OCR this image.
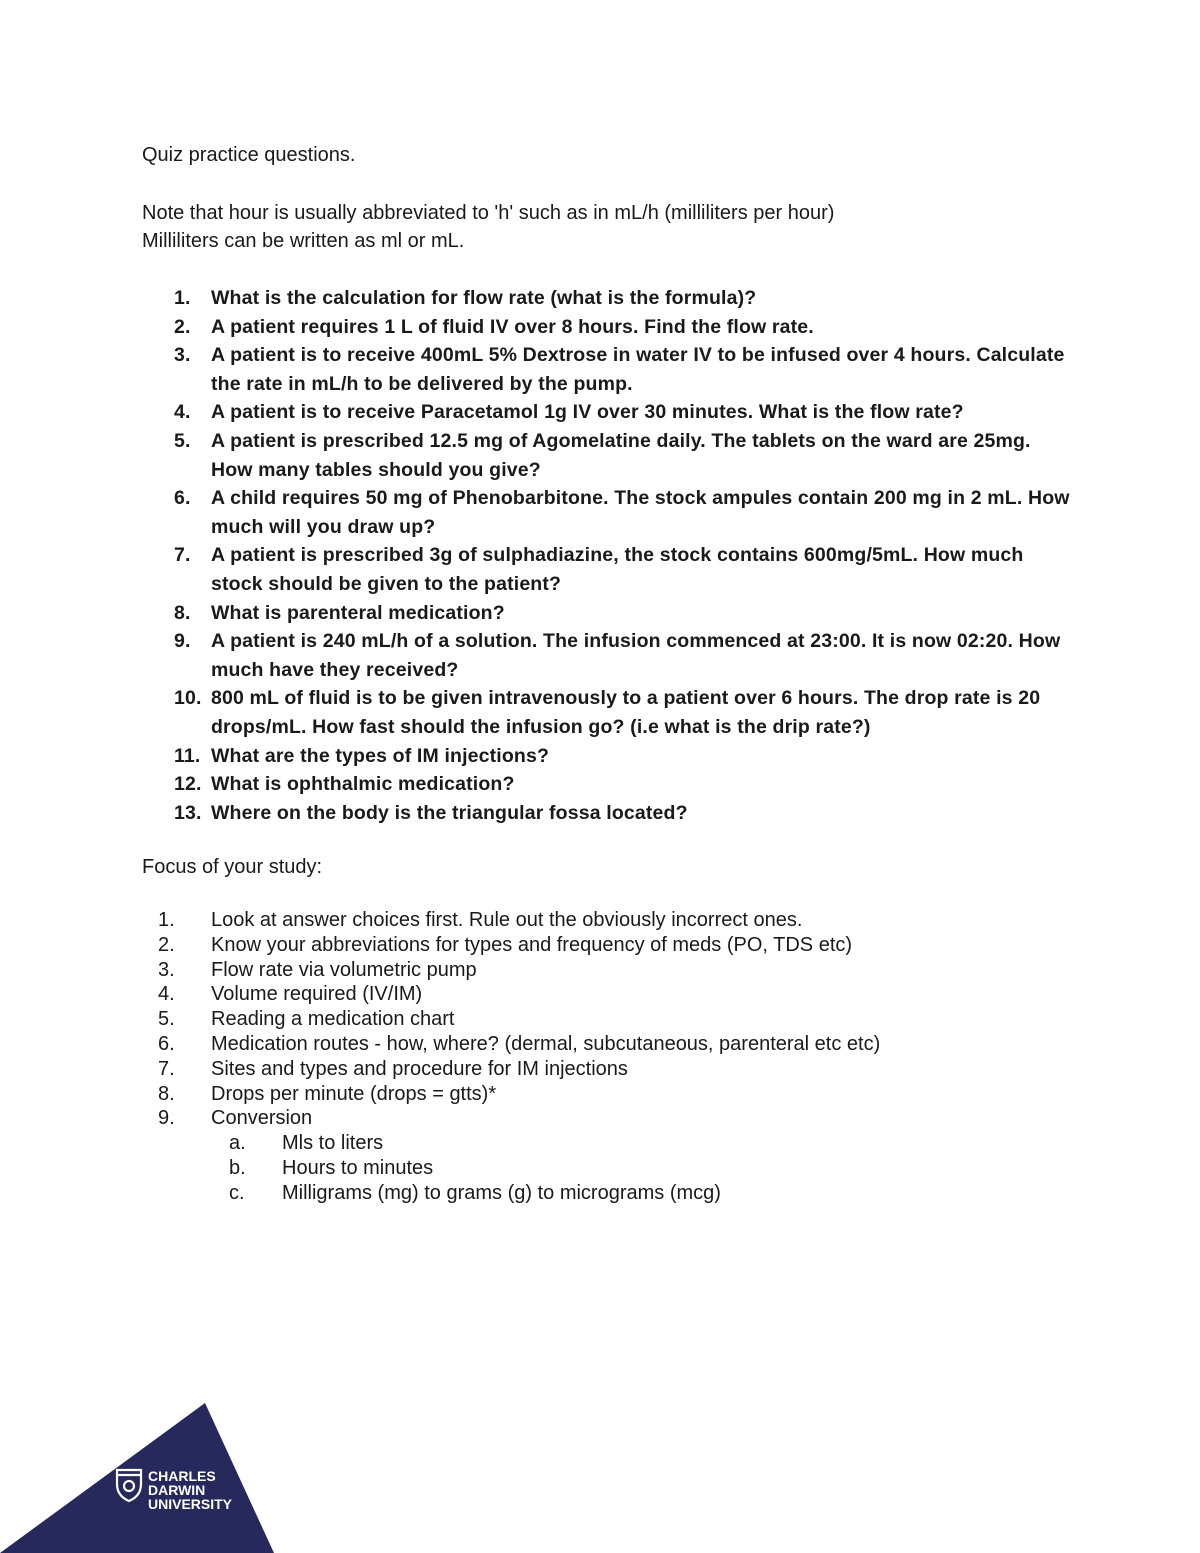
Quiz practice questions.
Note that hour is usually abbreviated to 'h' such as in mL/h (milliliters per hour)
Milliliters can be written as ml or mL.
1. What is the calculation for flow rate (what is the formula)?
2. A patient requires 1 L of fluid IV over 8 hours. Find the flow rate.
3. A patient is to receive 400mL 5% Dextrose in water IV to be infused over 4 hours. Calculate the rate in mL/h to be delivered by the pump.
4. A patient is to receive Paracetamol 1g IV over 30 minutes. What is the flow rate?
5. A patient is prescribed 12.5 mg of Agomelatine daily. The tablets on the ward are 25mg. How many tables should you give?
6. A child requires 50 mg of Phenobarbitone. The stock ampules contain 200 mg in 2 mL. How much will you draw up?
7. A patient is prescribed 3g of sulphadiazine, the stock contains 600mg/5mL. How much stock should be given to the patient?
8. What is parenteral medication?
9. A patient is 240 mL/h of a solution. The infusion commenced at 23:00. It is now 02:20. How much have they received?
10. 800 mL of fluid is to be given intravenously to a patient over 6 hours. The drop rate is 20 drops/mL. How fast should the infusion go? (i.e what is the drip rate?)
11. What are the types of IM injections?
12. What is ophthalmic medication?
13. Where on the body is the triangular fossa located?
Focus of your study:
1. Look at answer choices first. Rule out the obviously incorrect ones.
2. Know your abbreviations for types and frequency of meds (PO, TDS etc)
3. Flow rate via volumetric pump
4. Volume required (IV/IM)
5. Reading a medication chart
6. Medication routes - how, where? (dermal, subcutaneous, parenteral etc etc)
7. Sites and types and procedure for IM injections
8. Drops per minute (drops = gtts)*
9. Conversion
a. Mls to liters
b. Hours to minutes
c. Milligrams (mg) to grams (g) to micrograms (mcg)
CHARLES
DARWIN
UNIVERSITY
